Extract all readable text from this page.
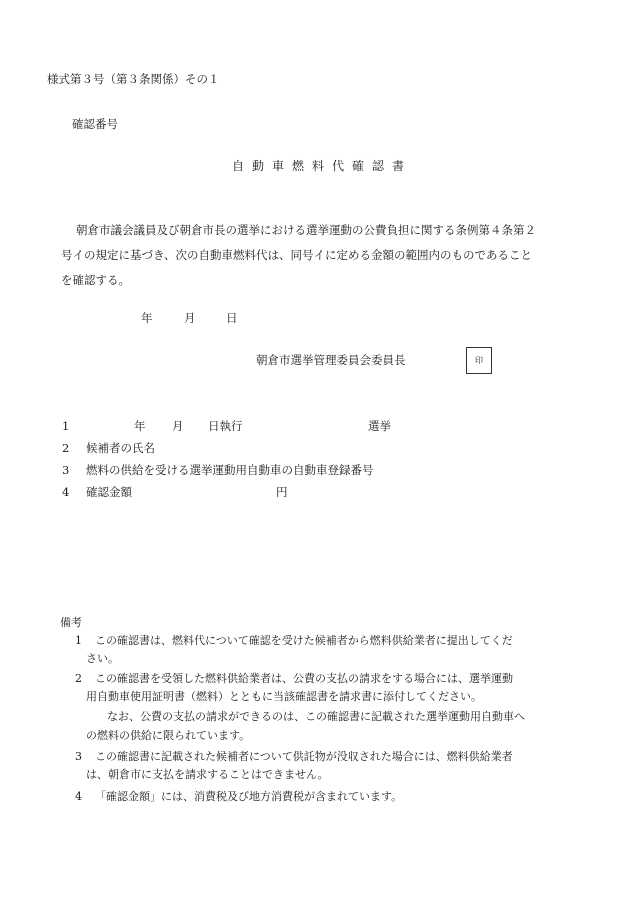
様式第３号（第３条関係）その１
確認番号
自動車燃料代確認書
朝倉市議会議員及び朝倉市長の選挙における選挙運動の公費負担に関する条例第４条第２
号イの規定に基づき、次の自動車燃料代は、同号イに定める金額の範囲内のものであること
を確認する。
年	月	日
朝倉市選挙管理委員会委員長	印
1	年 月 日執行	選挙
2 候補者の氏名
3 燃料の供給を受ける選挙運動用自動車の自動車登録番号
4 確認金額	円
備考
1 この確認書は、燃料代について確認を受けた候補者から燃料供給業者に提出してくだ
さい。
2 この確認書を受領した燃料供給業者は、公費の支払の請求をする場合には、選挙運動
用自動車使用証明書（燃料）とともに当該確認書を請求書に添付してください。
なお、公費の支払の請求ができるのは、この確認書に記載された選挙運動用自動車へ
の燃料の供給に限られています。
3 この確認書に記載された候補者について供託物が没収された場合には、燃料供給業者
は、朝倉市に支払を請求することはできません。
4 「確認金額」には、消費税及び地方消費税が含まれています。
